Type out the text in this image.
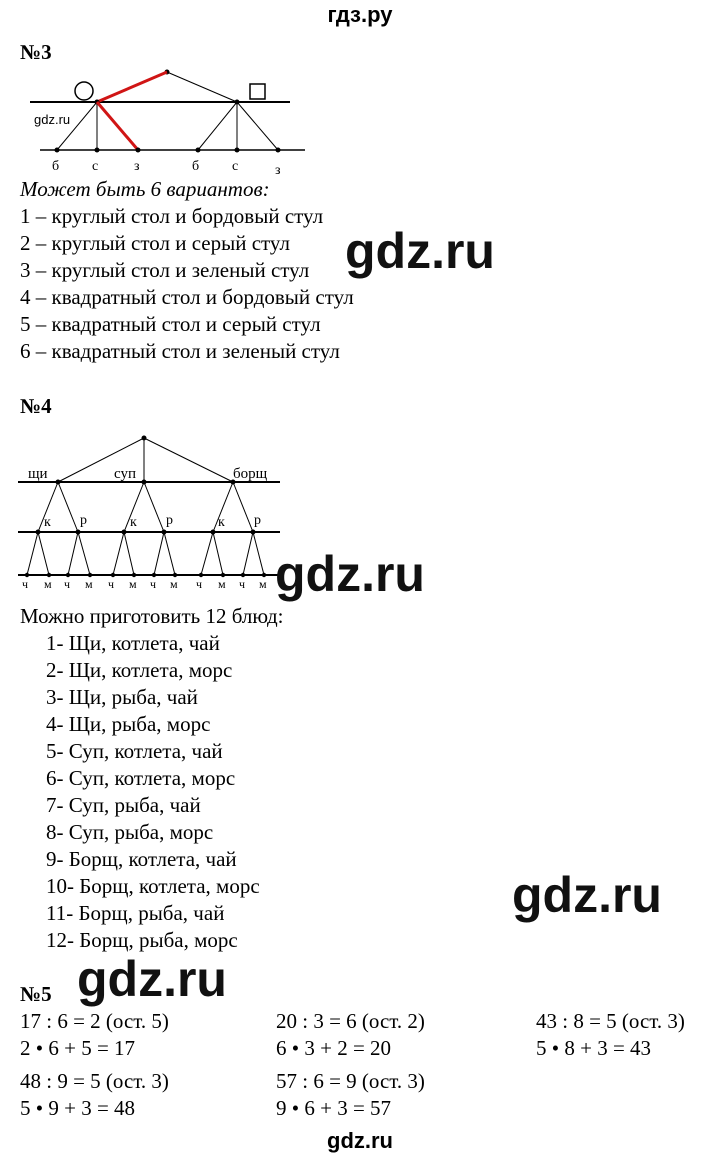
гдз.ру
№3
б с	з	б с	з
gdz.ru
Может быть 6 вариантов:
1 – круглый стол и бордовый стул
2 – круглый стол и серый стул
3 – круглый стол и зеленый стул
4 – квадратный стол и бордовый стул
5 – квадратный стол и серый стул
6 – квадратный стол и зеленый стул
gdz.ru
№4
щи	суп	борщ
к р	к р	к р
ч м ч м ч м ч м ч м ч м gdz.ru
Можно приготовить 12 блюд:
1- Щи, котлета, чай
2- Щи, котлета, морс
3- Щи, рыба, чай
4- Щи, рыба, морс
5- Суп, котлета, чай
6- Суп, котлета, морс
7- Суп, рыба, чай
8- Суп, рыба, морс
9- Борщ, котлета, чай
10- Борщ, котлета, морс
11- Борщ, рыба, чай
12- Борщ, рыба, морс
gdz.ru
№5 gdz.ru
17 : 6 = 2 (ост. 5)
2 • 6 + 5 = 17
48 : 9 = 5 (ост. 3)
5 • 9 + 3 = 48
20 : 3 = 6 (ост. 2)
6 • 3 + 2 = 20
57 : 6 = 9 (ост. 3)
9 • 6 + 3 = 57
43 : 8 = 5 (ост. 3)
5 • 8 + 3 = 43
gdz.ru
